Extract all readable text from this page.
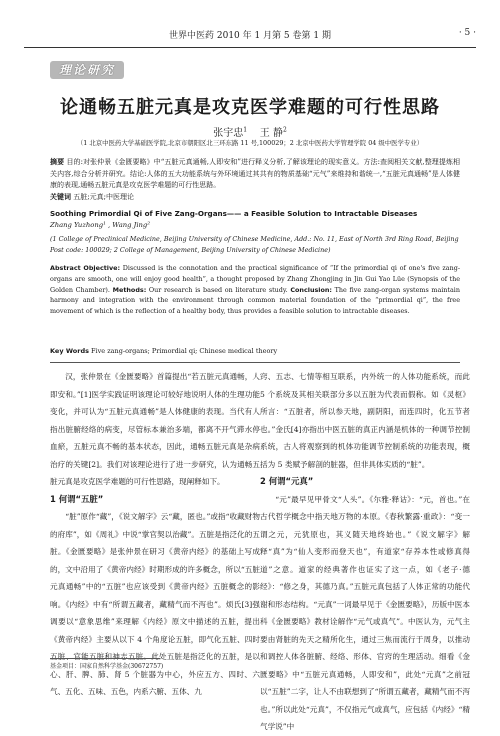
世界中医药 2010 年 1 月第 5 卷第 1 期	· 5 ·
理论研究
论通畅五脏元真是攻克医学难题的可行性思路
张宇忠$^1$ 王 静$^2$
（1 北京中医药大学基础医学院,北京市朝阳区北三环东路 11 号,100029；2 北京中医药大学管理学院 04 级中医学专业）
摘要 目的:对张仲景《金匮要略》中“五脏元真通畅,人即安和”进行释义分析,了解该理论的现实意义。方法:查阅相关文献,整理提炼相关内容,综合分析并研究。结论:人体的五大功能系统与外环境通过其共有的物质基础“元气”来维持和谐统一,“五脏元真通畅”是人体健康的表现,通畅五脏元真是攻克医学难题的可行性思路。
关键词 五脏;元真;中医理论
Soothing Primordial Qi of Five Zang-Organs—— a Feasible Solution to Intractable Diseases
Zhang Yuzhong¹ , Wang Jing²
(1 College of Preclinical Medicine, Beijing University of Chinese Medicine, Add.: No. 11, East of North 3rd Ring Road, Beijing Post code: 100029; 2 College of Management, Beijing University of Chinese Medicine)
Abstract Objective: Discussed is the connotation and the practical significance of “If the primordial qi of one's five zang-organs are smooth, one will enjoy good health”, a thought proposed by Zhang Zhongjing in Jin Gui Yao Lüe (Synopsis of the Golden Chamber). Methods: Our research is based on literature study. Conclusion: The five zang-organ systems maintain harmony and integration with the environment through common material foundation of the “primordial qi”, the free movement of which is the reflection of a healthy body, thus provides a feasible solution to intractable diseases.
Key Words Five zang-organs; Primordial qi; Chinese medical theory

汉，张仲景在《金匮要略》首篇提出“若五脏元真通畅，人即安和。”[1]医学实践证明该理论可较好地说明人体的生理功能变化，并可认为“五脏元真通畅”是人体健康的表现。当代有人指出脏腑经络的病变，尽管标本兼治多端，都离不开气滞水停血瘀，五脏元真不畅的基本状态，因此，通畅五脏元真是杂病治疗的关键[2]。我们对该理论进行了进一步研究，认为通畅五脏元真是攻克医学难题的可行性思路，现阐释如下。

1 何谓“五脏”

“脏”原作“藏”，《说文解字》云“藏，匿也。”或指“收藏财物的府库”，如《周礼》中说“掌官契以治藏”。五脏是指泛化的五脏。《金匮要略》是张仲景在研习《黄帝内经》的基础上写成的，文中沿用了《黄帝内经》时期形成的许多概念，所以“五脏元真通畅”中的“五脏”也应该受到《黄帝内经》五脏概念的影响。《内经》中有“所谓五藏者，藏精气而不泻也”。烦氏[3]强调要以“意象思维”来理解《内经》原文中描述的五脏，提出《黄帝内经》主要从以下 4 个角度论五脏，即气化五脏、四时五脏、官能五脏和神志五脏。此处五脏是指泛化的五脏，是以心、肝、脾、肺、肾 5 个脏器为中心，外应五方、四时、六气、五化、五味、五色，内系六腑、五体、九

窍、五志、七情等相互联系，内外统一的人体功能系统，而此 5 个系统及其相关联部分多以五脏为代表而假称。如《灵枢》所言：“五脏者，所以参天地，副阴阳，而连四时，化五节者也。”金氏[4]亦指出中医五脏的真正内涵是机体的一种调节控制系统，古人将观察到的机体功能调节控制系统的功能表现，概括为 5 类赋予解剖的脏器，但非具体实质的“脏”。

2 何谓“元真”

“元”最早见甲骨文“人头”。《尔雅·释诂》：“元，首也。”在古代哲学概念中指天地万物的本原。《春秋繁露·重政》：“变一谓之元，元犹原也，其义随天地终始也。”《说文解字》解释“真”为“仙人变形而登天也”，有道家“存养本性或修真得道”之意。道家的经典著作也证实了这一点，如《老子·德经》：“修之身，其德乃真。”五脏元真包括了人体正常的功能代谢和形态结构。“元真”一词最早见于《金匮要略》，历版中医本科《金匮要略》教材诠解作“元气或真气”。中医认为，元气主要由肾脏的先天之精所化生，通过三焦而流行于周身，以推动和调控人体各脏腑、经络、形体、官窍的生理活动。细看《金匮要略》中“五脏元真通畅，人即安和”，此处“元真”之前冠以“五脏”二字，让人不由联想到了“所谓五藏者，藏精气而不泻也。”所以此处“元真”，不仅指元气或真气，应包括《内经》“精气学说”中

基金项目：国家自然科学基金(30672757)
